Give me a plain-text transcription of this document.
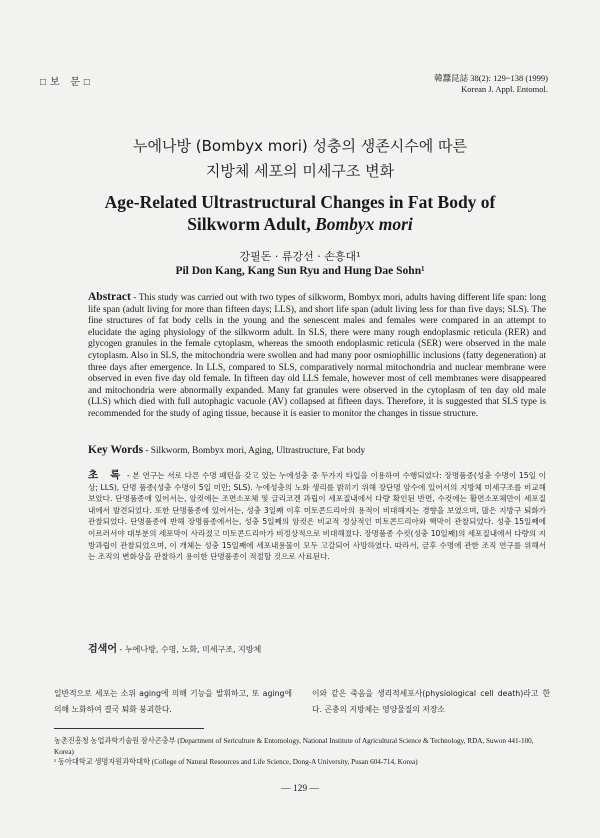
□보 문□	韓蠶昆誌 38(2): 129~138 (1999)
Korean J. Appl. Entomol.
누에나방 (Bombyx mori) 성충의 생존시수에 따른
지방체 세포의 미세구조 변화
Age-Related Ultrastructural Changes in Fat Body of
Silkworm Adult, Bombyx mori
강필돈 · 류강선 · 손흥대¹
Pil Don Kang, Kang Sun Ryu and Hung Dae Sohn¹
Abstract - This study was carried out with two types of silkworm, Bombyx mori, adults having different life span: long life span (adult living for more than fifteen days; LLS), and short life span (adult living less for than five days; SLS). The fine structures of fat body cells in the young and the senescent males and females were compared in an attempt to elucidate the aging physiology of the silkworm adult. In SLS, there were many rough endoplasmic reticula (RER) and glycogen granules in the female cytoplasm, whereas the smooth endoplasmic reticula (SER) were observed in the male cytoplasm. Also in SLS, the mitochondria were swollen and had many poor osmiophillic inclusions (fatty degeneration) at three days after emergence. In LLS, compared to SLS, comparatively normal mitochondria and nuclear membrane were observed in even five day old female. In fifteen day old LLS female, however most of cell membranes were disappeared and mitochondria were abnormally expanded. Many fat granules were observed in the cytoplasm of ten day old male (LLS) which died with full autophagic vacuole (AV) collapsed at fifteen days. Therefore, it is suggested that SLS type is recommended for the study of aging tissue, because it is easier to monitor the changes in tissue structure.
Key Words - Silkworm, Bombyx mori, Aging, Ultrastructure, Fat body
초 록 - 본 연구는 서로 다른 수명 패턴을 갖고 있는 누에성충 중 두가지 타입을 이용하여 수행되었다: 장명품종(성충 수명이 15일 이상; LLS), 단명 품종(성충 수명이 5일 미만; SLS). 누에성충의 노화 생리를 밝히기 위해 장단명 암수에 있어서의 지방체 미세구조를 비교해 보았다. 단명품종에 있어서는, 암컷에는 조면소포체 및 글리코겐 과립이 세포질내에서 다량 확인된 반면, 수컷에는 활면소포체만이 세포질내에서 발견되었다. 또한 단명품종에 있어서는, 성충 3일째 이후 미토콘드리아의 용적이 비대해지는 경향을 보였으며, 많은 지방구 퇴화가 관찰되었다. 단명품종에 반해 장명품종에서는, 성충 5일째의 암컷은 비교적 정상적인 미토콘드리아와 핵막이 관찰되었다. 성충 15일째에 이르러서야 대부분의 세포막이 사라졌고 미토콘드리아가 비정상적으로 비대해졌다. 장명품종 수컷(성충 10일째)의 세포질내에서 다량의 지방과립이 관찰되었으며, 이 개체는 성충 15일째에 세포내용물이 모두 고갈되어 사망하였다. 따라서, 금후 수명에 관한 조직 연구를 위해서는 조직의 변화상을 관찰하기 용이한 단명품종이 적절할 것으로 사료된다.
검색어 - 누에나방, 수명, 노화, 미세구조, 지방체
일반적으로 세포는 소위 aging에 의해 기능을 발휘하고, 또 aging에 의해 노화하여 결국 퇴화 붕괴한다.
이와 같은 죽음을 생리적세포사(physiological cell death)라고 한다. 곤충의 지방체는 영양물질의 저장소
농촌진흥청 농업과학기술원 잠사곤충부 (Department of Sericulture & Entomology, National Institute of Agricultural Science & Technology, RDA, Suwon 441-100, Korea)
¹ 동아대학교 생명자원과학대학 (College of Natural Resources and Life Science, Dong-A University, Pusan 604-714, Korea)
— 129 —
